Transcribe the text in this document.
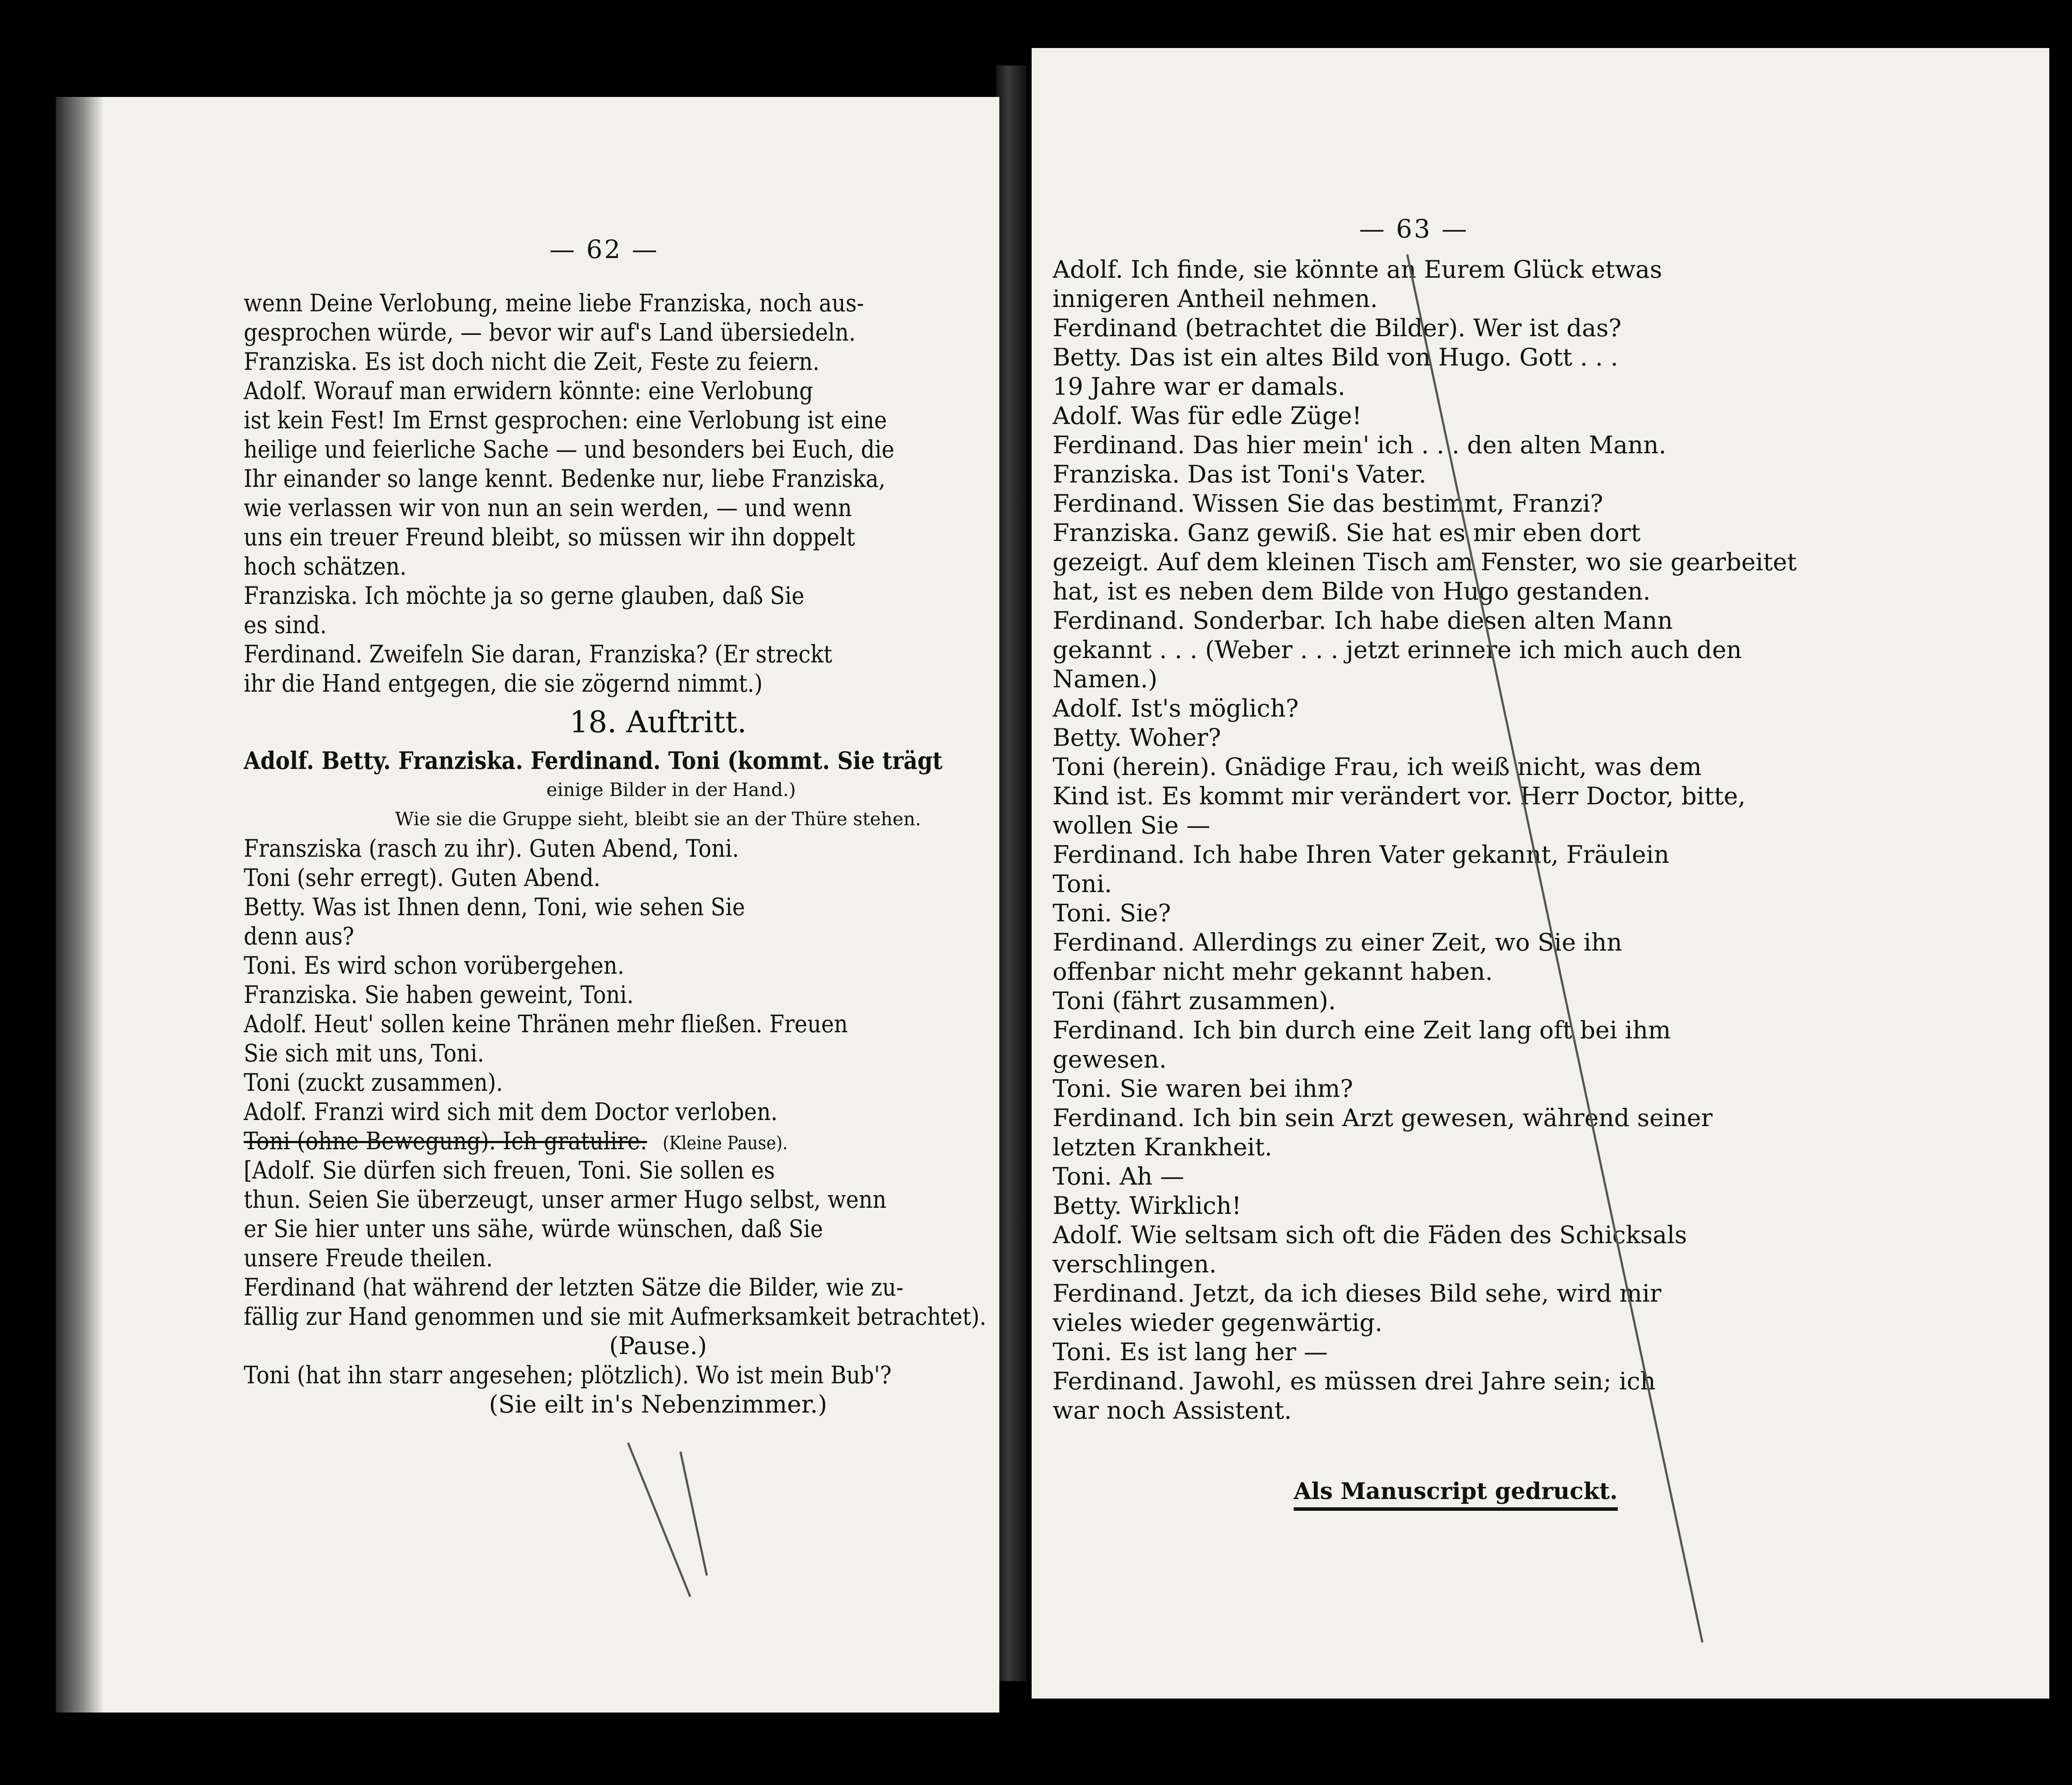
— 62 —
wenn Deine Verlobung, meine liebe Franziska, noch aus-
gesprochen würde, — bevor wir auf's Land übersiedeln.
Franziska. Es ist doch nicht die Zeit, Feste zu feiern.
Adolf. Worauf man erwidern könnte: eine Verlobung
ist kein Fest! Im Ernst gesprochen: eine Verlobung ist eine
heilige und feierliche Sache — und besonders bei Euch, die
Ihr einander so lange kennt. Bedenke nur, liebe Franziska,
wie verlassen wir von nun an sein werden, — und wenn
uns ein treuer Freund bleibt, so müssen wir ihn doppelt
hoch schätzen.
Franziska. Ich möchte ja so gerne glauben, daß Sie
es sind.
Ferdinand. Zweifeln Sie daran, Franziska? (Er streckt
ihr die Hand entgegen, die sie zögernd nimmt.)
18. Auftritt.
Adolf. Betty. Franziska. Ferdinand. Toni (kommt. Sie trägt
einige Bilder in der Hand.)
Wie sie die Gruppe sieht, bleibt sie an der Thüre stehen.
Fransziska (rasch zu ihr). Guten Abend, Toni.
Toni (sehr erregt). Guten Abend.
Betty. Was ist Ihnen denn, Toni, wie sehen Sie
denn aus?
Toni. Es wird schon vorübergehen.
Franziska. Sie haben geweint, Toni.
Adolf. Heut' sollen keine Thränen mehr fließen. Freuen
Sie sich mit uns, Toni.
Toni (zuckt zusammen).
Adolf. Franzi wird sich mit dem Doctor verloben.
Toni (ohne Bewegung). Ich gratulire. (Kleine Pause).
[Adolf. Sie dürfen sich freuen, Toni. Sie sollen es
thun. Seien Sie überzeugt, unser armer Hugo selbst, wenn
er Sie hier unter uns sähe, würde wünschen, daß Sie
unsere Freude theilen.
Ferdinand (hat während der letzten Sätze die Bilder, wie zu-
fällig zur Hand genommen und sie mit Aufmerksamkeit betrachtet).
(Pause.)
Toni (hat ihn starr angesehen; plötzlich). Wo ist mein Bub'?
(Sie eilt in's Nebenzimmer.)
— 63 —
Adolf. Ich finde, sie könnte an Eurem Glück etwas
innigeren Antheil nehmen.
Ferdinand (betrachtet die Bilder). Wer ist das?
Betty. Das ist ein altes Bild von Hugo. Gott . . .
19 Jahre war er damals.
Adolf. Was für edle Züge!
Ferdinand. Das hier mein' ich . . . den alten Mann.
Franziska. Das ist Toni's Vater.
Ferdinand. Wissen Sie das bestimmt, Franzi?
Franziska. Ganz gewiß. Sie hat es mir eben dort
gezeigt. Auf dem kleinen Tisch am Fenster, wo sie gearbeitet
hat, ist es neben dem Bilde von Hugo gestanden.
Ferdinand. Sonderbar. Ich habe diesen alten Mann
gekannt . . . (Weber . . . jetzt erinnere ich mich auch den
Namen.)
Adolf. Ist's möglich?
Betty. Woher?
Toni (herein). Gnädige Frau, ich weiß nicht, was dem
Kind ist. Es kommt mir verändert vor. Herr Doctor, bitte,
wollen Sie —
Ferdinand. Ich habe Ihren Vater gekannt, Fräulein
Toni.
Toni. Sie?
Ferdinand. Allerdings zu einer Zeit, wo Sie ihn
offenbar nicht mehr gekannt haben.
Toni (fährt zusammen).
Ferdinand. Ich bin durch eine Zeit lang oft bei ihm
gewesen.
Toni. Sie waren bei ihm?
Ferdinand. Ich bin sein Arzt gewesen, während seiner
letzten Krankheit.
Toni. Ah —
Betty. Wirklich!
Adolf. Wie seltsam sich oft die Fäden des Schicksals
verschlingen.
Ferdinand. Jetzt, da ich dieses Bild sehe, wird mir
vieles wieder gegenwärtig.
Toni. Es ist lang her —
Ferdinand. Jawohl, es müssen drei Jahre sein; ich
war noch Assistent.
Als Manuscript gedruckt.
